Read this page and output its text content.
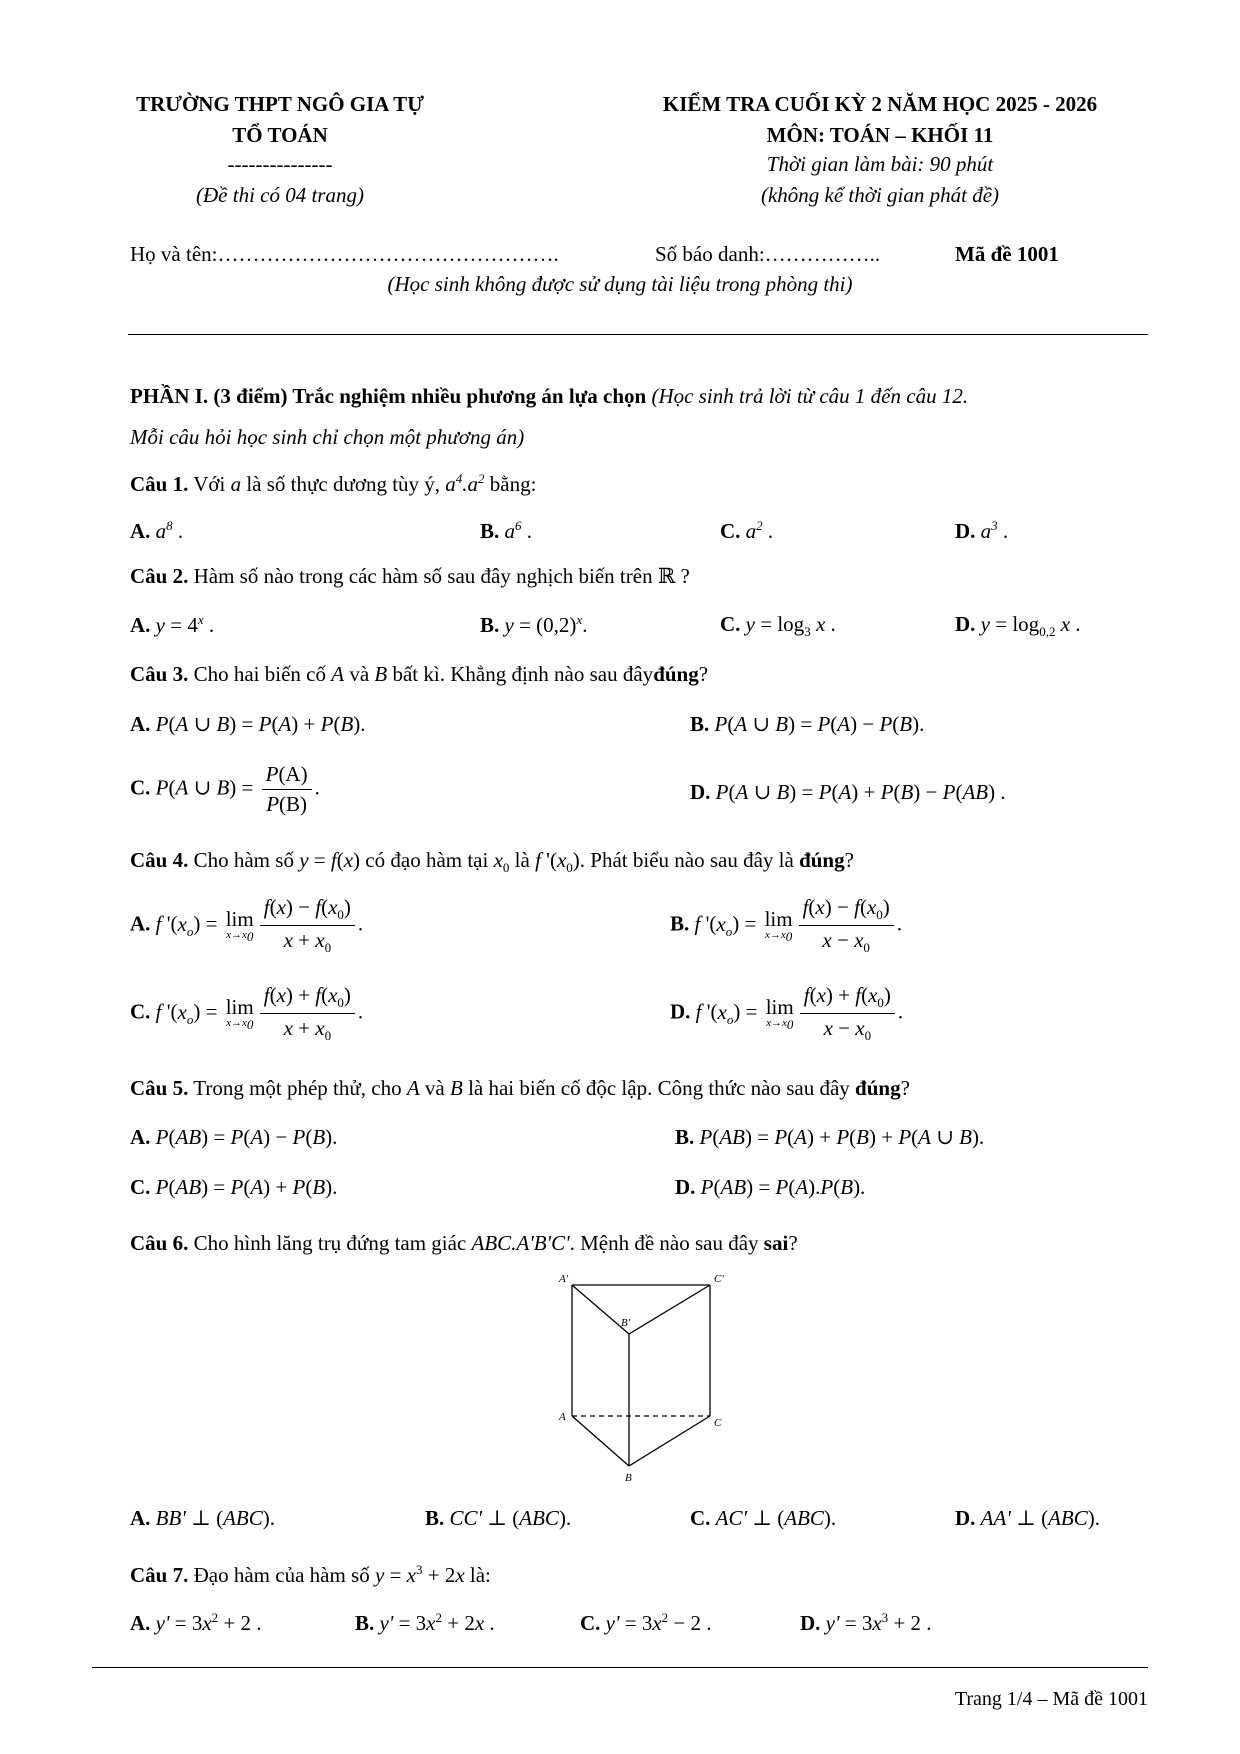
TRƯỜNG THPT NGÔ GIA TỰ
TỔ TOÁN
---------------
(Đề thi có 04 trang)
KIỂM TRA CUỐI KỲ 2 NĂM HỌC 2025 - 2026
MÔN: TOÁN – KHỐI 11
Thời gian làm bài: 90 phút
(không kể thời gian phát đề)
Họ và tên:………………………………………….	Số báo danh:……………..	Mã đề 1001
(Học sinh không được sử dụng tài liệu trong phòng thi)
PHẦN I. (3 điểm) Trắc nghiệm nhiều phương án lựa chọn (Học sinh trả lời từ câu 1 đến câu 12.
Mỗi câu hỏi học sinh chỉ chọn một phương án)
Câu 1. Với a là số thực dương tùy ý, $a^4.a^2$ bằng:
A. $a^8$ .	B. $a^6$ .	C. $a^2$ .	D. $a^3$ .
Câu 2. Hàm số nào trong các hàm số sau đây nghịch biến trên ℝ ?
A. $y = 4^x$ .	B. $y = (0,2)^x$.	C. $y = \log_3 x$ .	D. $y = \log_{0,2} x$ .
Câu 3. Cho hai biến cố A và B bất kì. Khẳng định nào sau đâyđúng?
A. P(A ∪ B) = P(A) + P(B).	B. P(A ∪ B) = P(A) − P(B).
C. P(A ∪ $B) = \frac{P(A)}{P(B)}$ .	D. P(A ∪ B) = P(A) + P(B) − P(AB) .
Câu 4. Cho hàm số y = f(x) có đạo hàm tại $x_0$ là f '$(x_0)$. Phát biểu nào sau đây là đúng?
A. f '$(x_o) = \lim$
$x\to x_0 \frac{f(x) - f(x_0)}{x + x_0}$ .	B. f '$(x_o) = \lim$
$x\to x_0 \frac{f(x) - f(x_0)}{x - x_0}$ .
C. f '$(x_o) = \lim$
$x\to x_0 \frac{f(x) + f(x_0)}{x + x_0}$ .	D. f '$(x_o) = \lim$
$x\to x_0 \frac{f(x) + f(x_0)}{x - x_0}$ .
Câu 5. Trong một phép thử, cho A và B là hai biến cố độc lập. Công thức nào sau đây đúng?
A. P(AB) = P(A) − P(B).	B. P(AB) = P(A) + P(B) + P(A ∪ B).
C. P(AB) = P(A) + P(B).	D. P(AB) = P(A).P(B).
Câu 6. Cho hình lăng trụ đứng tam giác ABC.A'B'C'. Mệnh đề nào sau đây sai?
A'	C'
B'
A	C
B
A. BB' ⊥ (ABC).	B. CC' ⊥ (ABC).	C. AC' ⊥ (ABC).	D. AA' ⊥ (ABC).
Câu 7. Đạo hàm của hàm số $y = x^3 + 2x$ là:
A. $y' = 3x^2 + 2$ .	B. $y' = 3x^2 + 2x$ .	C. $y' = 3x^2 - 2$ .	D. $y' = 3x^3 + 2$ .
Trang 1/4 – Mã đề 1001
